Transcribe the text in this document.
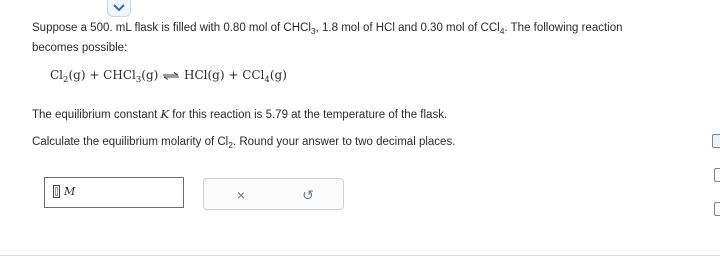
Suppose a 500. mL flask is filled with 0.80 mol of CHCl$_3$, 1.8 mol of HCl and 0.30 mol of CCl$_4$. The following reaction
becomes possible:
$Cl_2(g)$ + CHCl$_3$(g) ⇌ HCl(g) + CCl$_4$(g)
The equilibrium constant K for this reaction is 5.79 at the temperature of the flask.
Calculate the equilibrium molarity of $Cl_2$. Round your answer to two decimal places.
M	×	↺
